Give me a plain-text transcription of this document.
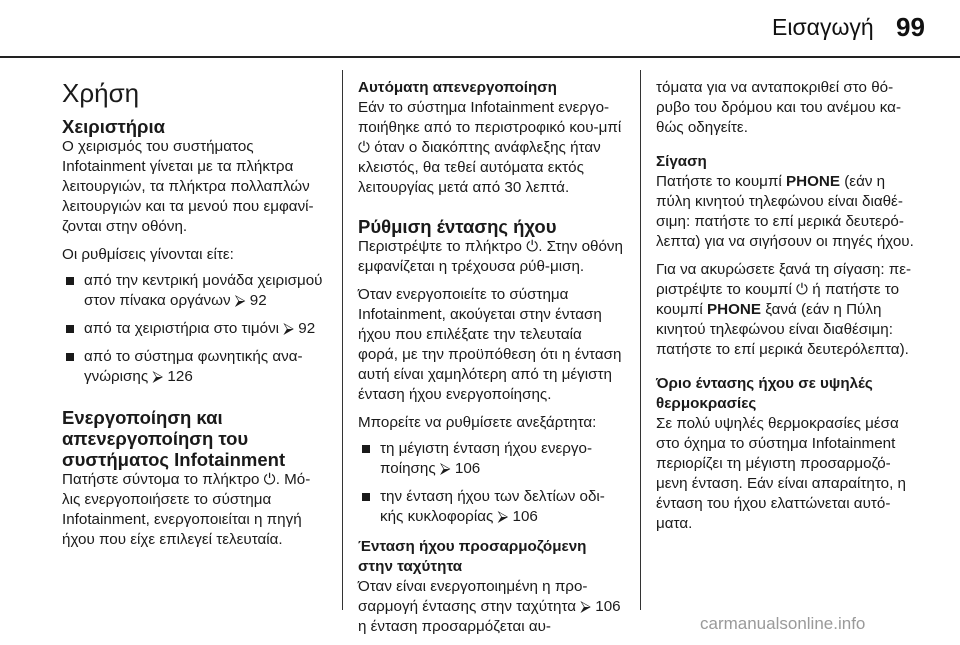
Εισαγωγή 99
Χρήση
Χειριστήρια

Ο χειρισμός του συστήματος Infotainment γίνεται με τα πλήκτρα λειτουργιών, τα πλήκτρα πολλαπλών λειτουργιών και τα μενού που εμφανί-ζονται στην οθόνη.

Οι ρυθμίσεις γίνονται είτε:

από την κεντρική μονάδα χειρισμού στον πίνακα οργάνων ⮚ 92
από τα χειριστήρια στο τιμόνι ⮚ 92
από το σύστημα φωνητικής ανα-γνώρισης ⮚ 126
Ενεργοποίηση και απενεργοποίηση του συστήματος Infotainment

Πατήστε σύντομα το πλήκτρο ⏻. Μό-λις ενεργοποιήσετε το σύστημα Infotainment, ενεργοποιείται η πηγή ήχου που είχε επιλεγεί τελευταία.

Αυτόματη απενεργοποίηση

Εάν το σύστημα Infotainment ενεργο-ποιήθηκε από το περιστροφικό κου-μπί ⏻ όταν ο διακόπτης ανάφλεξης ήταν κλειστός, θα τεθεί αυτόματα εκτός λειτουργίας μετά από 30 λεπτά.

Ρύθμιση έντασης ήχου

Περιστρέψτε το πλήκτρο ⏻. Στην οθόνη εμφανίζεται η τρέχουσα ρύθ-μιση.

Όταν ενεργοποιείτε το σύστημα Infotainment, ακούγεται στην ένταση ήχου που επιλέξατε την τελευταία φορά, με την προϋπόθεση ότι η ένταση αυτή είναι χαμηλότερη από τη μέγιστη ένταση ήχου ενεργοποίησης.

Μπορείτε να ρυθμίσετε ανεξάρτητα:

τη μέγιστη ένταση ήχου ενεργο-ποίησης ⮚ 106
την ένταση ήχου των δελτίων οδι-κής κυκλοφορίας ⮚ 106
Ένταση ήχου προσαρμοζόμενη στην ταχύτητα

Όταν είναι ενεργοποιημένη η προ-σαρμογή έντασης στην ταχύτητα ⮚ 106 η ένταση προσαρμόζεται αυ-

τόματα για να ανταποκριθεί στο θό-ρυβο του δρόμου και του ανέμου κα-θώς οδηγείτε.

Σίγαση

Πατήστε το κουμπί PHONE (εάν η πύλη κινητού τηλεφώνου είναι διαθέ-σιμη: πατήστε το επί μερικά δευτερό-λεπτα) για να σιγήσουν οι πηγές ήχου.

Για να ακυρώσετε ξανά τη σίγαση: πε-ριστρέψτε το κουμπί ⏻ ή πατήστε το κουμπί PHONE ξανά (εάν η Πύλη κινητού τηλεφώνου είναι διαθέσιμη: πατήστε το επί μερικά δευτερόλεπτα).

Όριο έντασης ήχου σε υψηλές θερμοκρασίες

Σε πολύ υψηλές θερμοκρασίες μέσα στο όχημα το σύστημα Infotainment περιορίζει τη μέγιστη προσαρμοζό-μενη ένταση. Εάν είναι απαραίτητο, η ένταση του ήχου ελαττώνεται αυτό-ματα.

carmanualsonline.info
